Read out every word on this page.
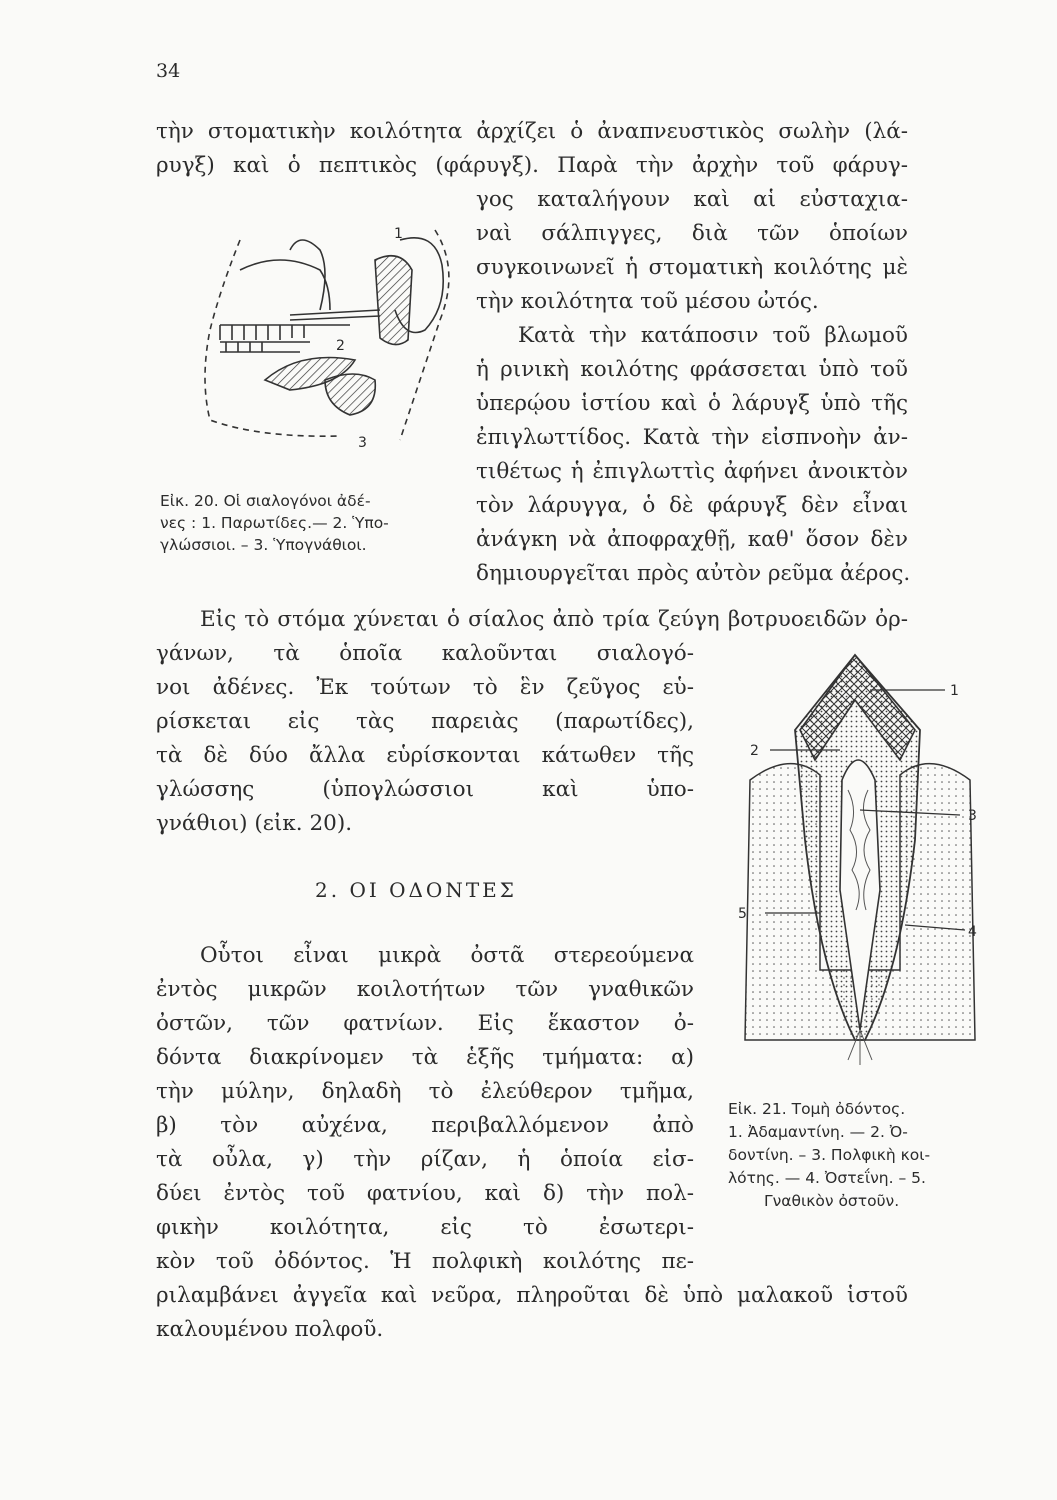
34
τὴν στοματικὴν κοιλότητα ἀρχίζει ὁ ἀναπνευστικὸς σωλὴν (λά-
ρυγξ) καὶ ὁ πεπτικὸς (φάρυγξ). Παρὰ τὴν ἀρχὴν τοῦ φάρυγ-
γος καταλήγουν καὶ αἱ εὐσταχια-
ναὶ σάλπιγγες, διὰ τῶν ὁποίων
συγκοινωνεῖ ἡ στοματικὴ κοιλότης μὲ
τὴν κοιλότητα τοῦ μέσου ὠτός.
Κατὰ τὴν κατάποσιν τοῦ βλωμοῦ
ἡ ρινικὴ κοιλότης φράσσεται ὑπὸ τοῦ
ὑπερῴου ἱστίου καὶ ὁ λάρυγξ ὑπὸ τῆς
ἐπιγλωττίδος. Κατὰ τὴν εἰσπνοὴν ἀν-
τιθέτως ἡ ἐπιγλωττὶς ἀφήνει ἀνοικτὸν
τὸν λάρυγγα, ὁ δὲ φάρυγξ δὲν εἶναι
ἀνάγκη νὰ ἀποφραχθῇ, καθ' ὅσον δὲν
δημιουργεῖται πρὸς αὐτὸν ρεῦμα ἀέρος.
1
2
3
Εἰκ. 20. Οἱ σιαλογόνοι ἀδέ-
νες : 1. Παρωτίδες.— 2. Ὑπο-
γλώσσιοι. – 3. Ὑπογνάθιοι.
Εἰς τὸ στόμα χύνεται ὁ σίαλος ἀπὸ τρία ζεύγη βοτρυοειδῶν ὀρ-
γάνων, τὰ ὁποῖα καλοῦνται σιαλογό-
νοι ἀδένες. Ἐκ τούτων τὸ ἓν ζεῦγος εὑ-
ρίσκεται εἰς τὰς παρειὰς (παρωτίδες),
τὰ δὲ δύο ἄλλα εὑρίσκονται κάτωθεν τῆς
γλώσσης (ὑπογλώσσιοι καὶ ὑπο-
γνάθιοι) (εἰκ. 20).
2. ΟΙ ΟΔΟΝΤΕΣ
Οὗτοι εἶναι μικρὰ ὀστᾶ στερεούμενα
ἐντὸς μικρῶν κοιλοτήτων τῶν γναθικῶν
ὀστῶν, τῶν φατνίων. Εἰς ἕκαστον ὀ-
δόντα διακρίνομεν τὰ ἑξῆς τμήματα: α)
τὴν μύλην, δηλαδὴ τὸ ἐλεύθερον τμῆμα,
β) τὸν αὐχένα, περιβαλλόμενον ἀπὸ
τὰ οὖλα, γ) τὴν ρίζαν, ἡ ὁποία εἰσ-
δύει ἐντὸς τοῦ φατνίου, καὶ δ) τὴν πολ-
φικὴν κοιλότητα, εἰς τὸ ἐσωτερι-
κὸν τοῦ ὀδόντος. Ἡ πολφικὴ κοιλότης πε-
ριλαμβάνει ἀγγεῖα καὶ νεῦρα, πληροῦται δὲ ὑπὸ μαλακοῦ ἱστοῦ
καλουμένου πολφοῦ.
1
2
3
4
5
Εἰκ. 21. Τομὴ ὀδόντος.
1. Ἀδαμαντίνη. — 2. Ὀ-
δοντίνη. – 3. Πολφικὴ κοι-
λότης. — 4. Ὀστεΐνη. – 5.
Γναθικὸν ὀστοῦν.
